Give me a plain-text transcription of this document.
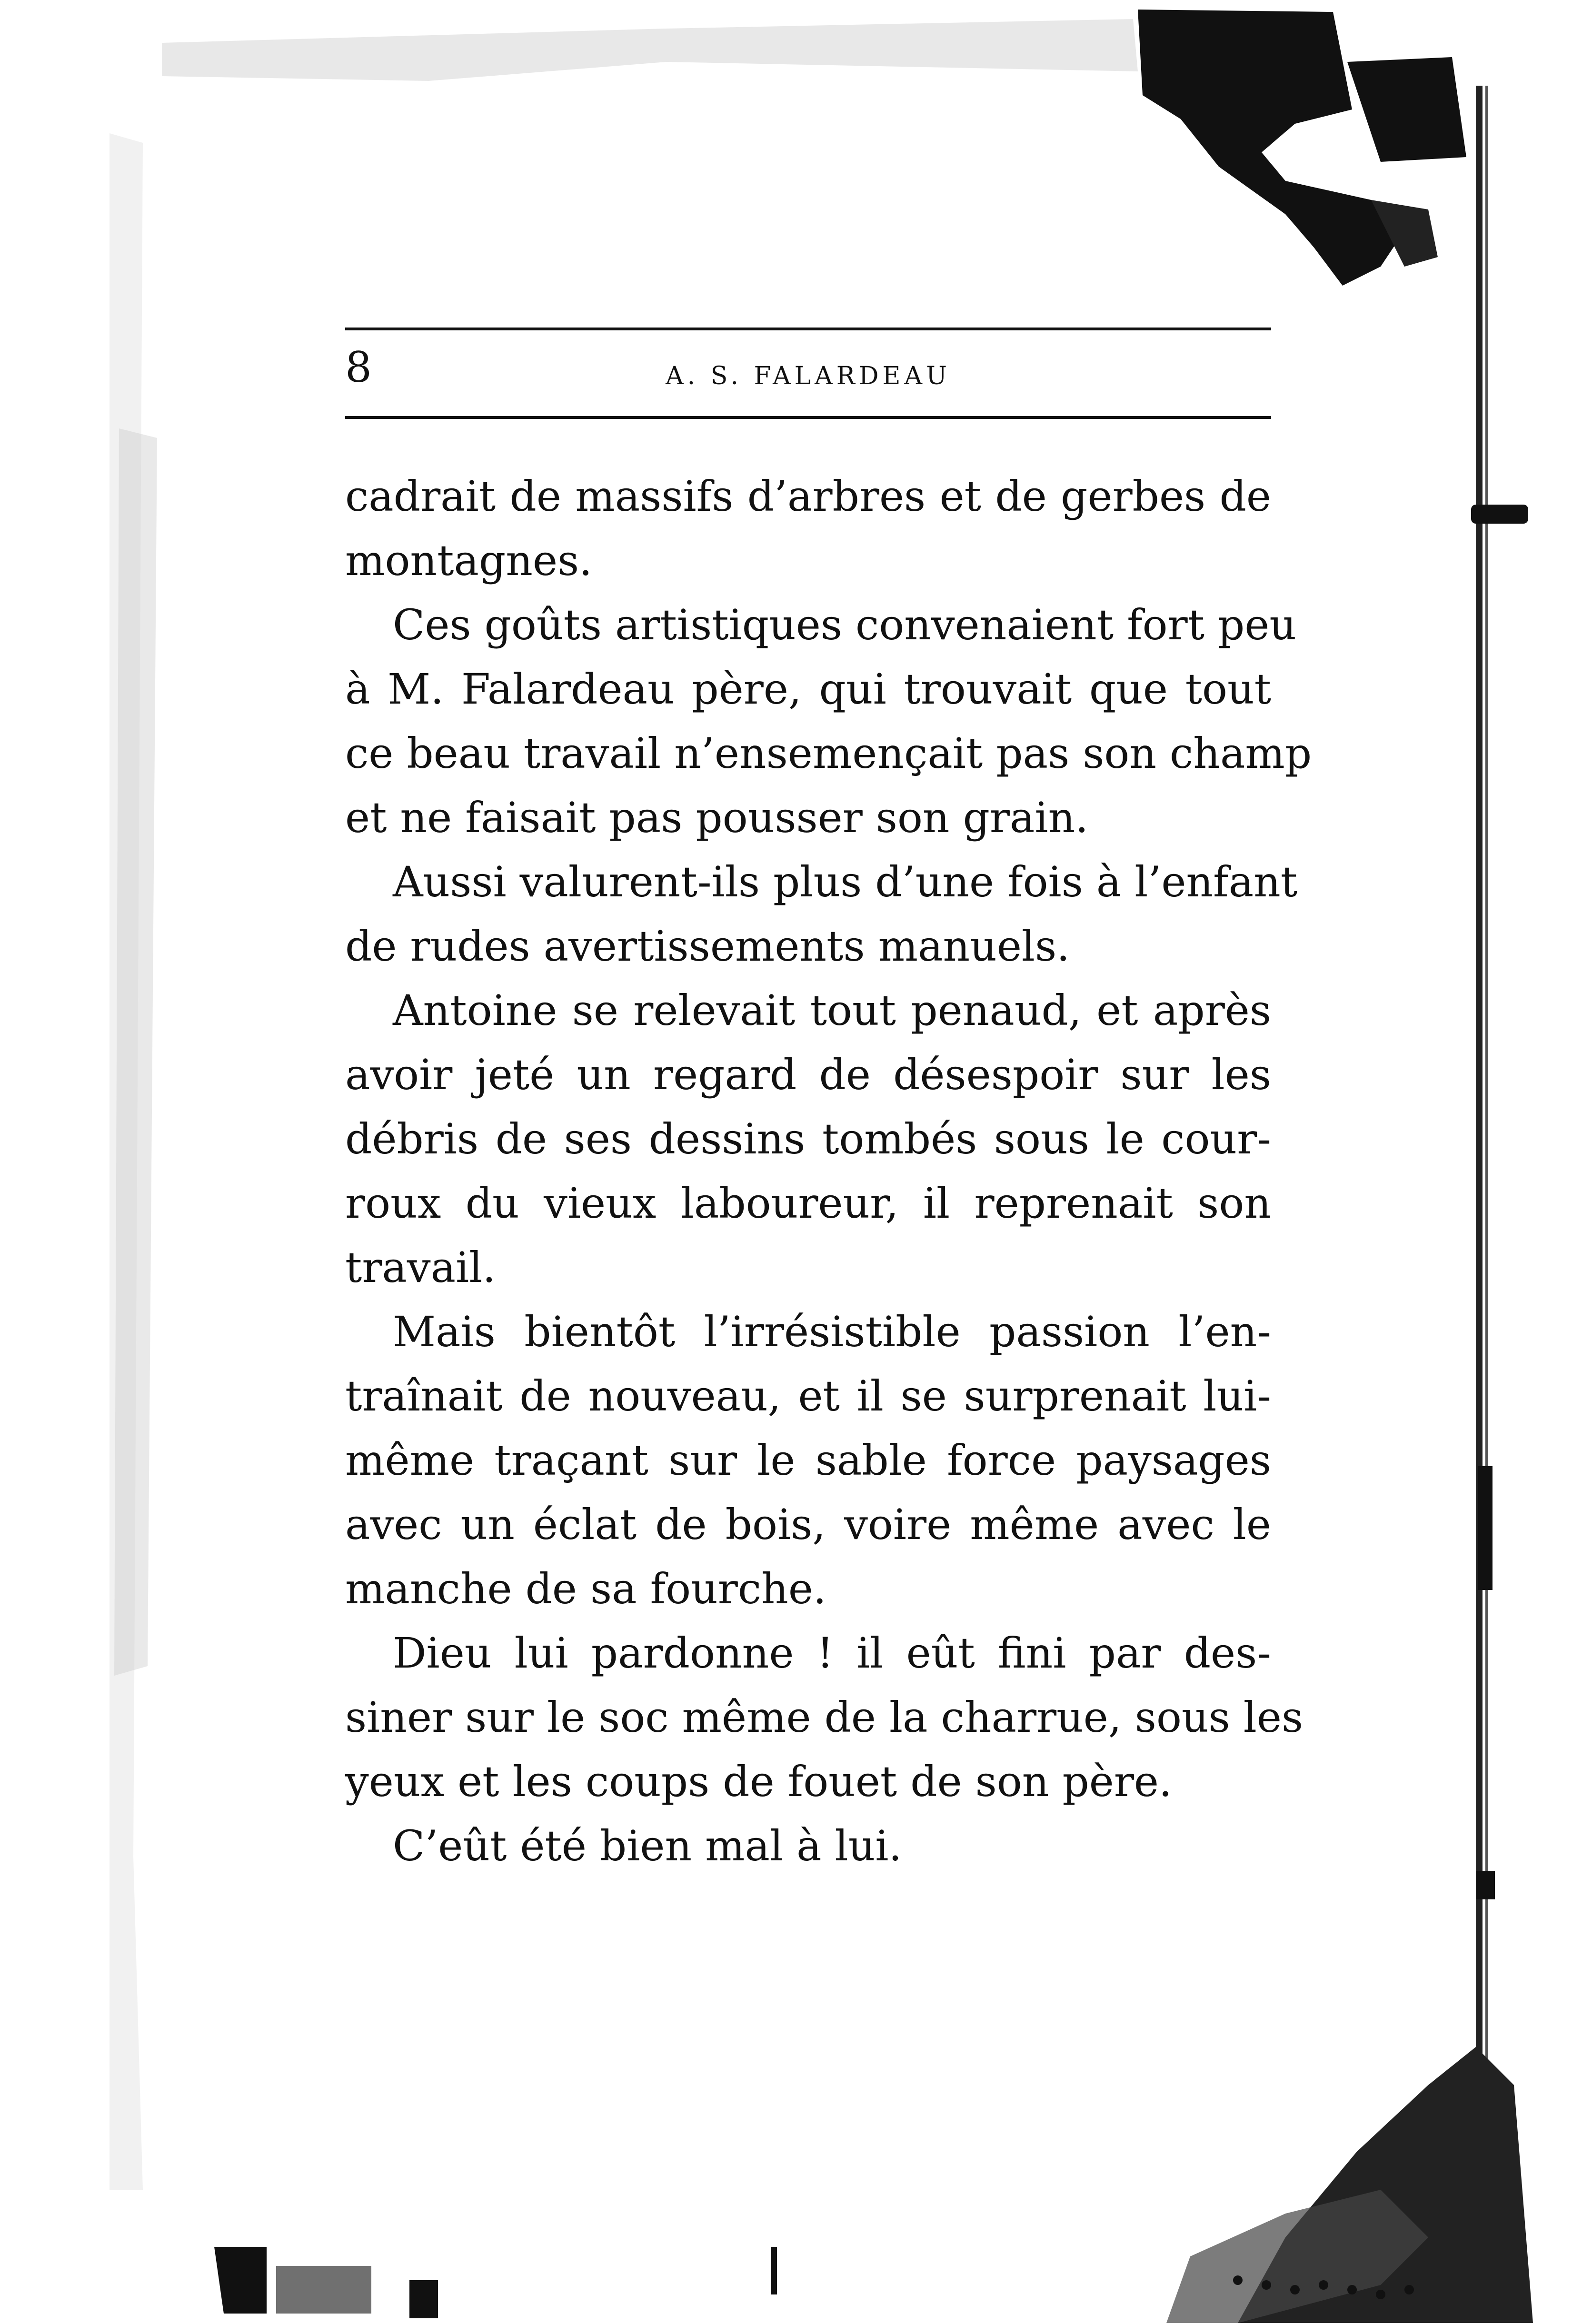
8	A. S. FALARDEAU
cadrait de massifs d’arbres et de gerbes de
montagnes.
Ces goûts artistiques convenaient fort peu
à M. Falardeau père, qui trouvait que tout
ce beau travail n’ensemençait pas son champ
et ne faisait pas pousser son grain.
Aussi valurent-ils plus d’une fois à l’enfant
de rudes avertissements manuels.
Antoine se relevait tout penaud, et après
avoir jeté un regard de désespoir sur les
débris de ses dessins tombés sous le cour-
roux du vieux laboureur, il reprenait son
travail.
Mais bientôt l’irrésistible passion l’en-
traînait de nouveau, et il se surprenait lui-
même traçant sur le sable force paysages
avec un éclat de bois, voire même avec le
manche de sa fourche.
Dieu lui pardonne ! il eût fini par des-
siner sur le soc même de la charrue, sous les
yeux et les coups de fouet de son père.
C’eût été bien mal à lui.
